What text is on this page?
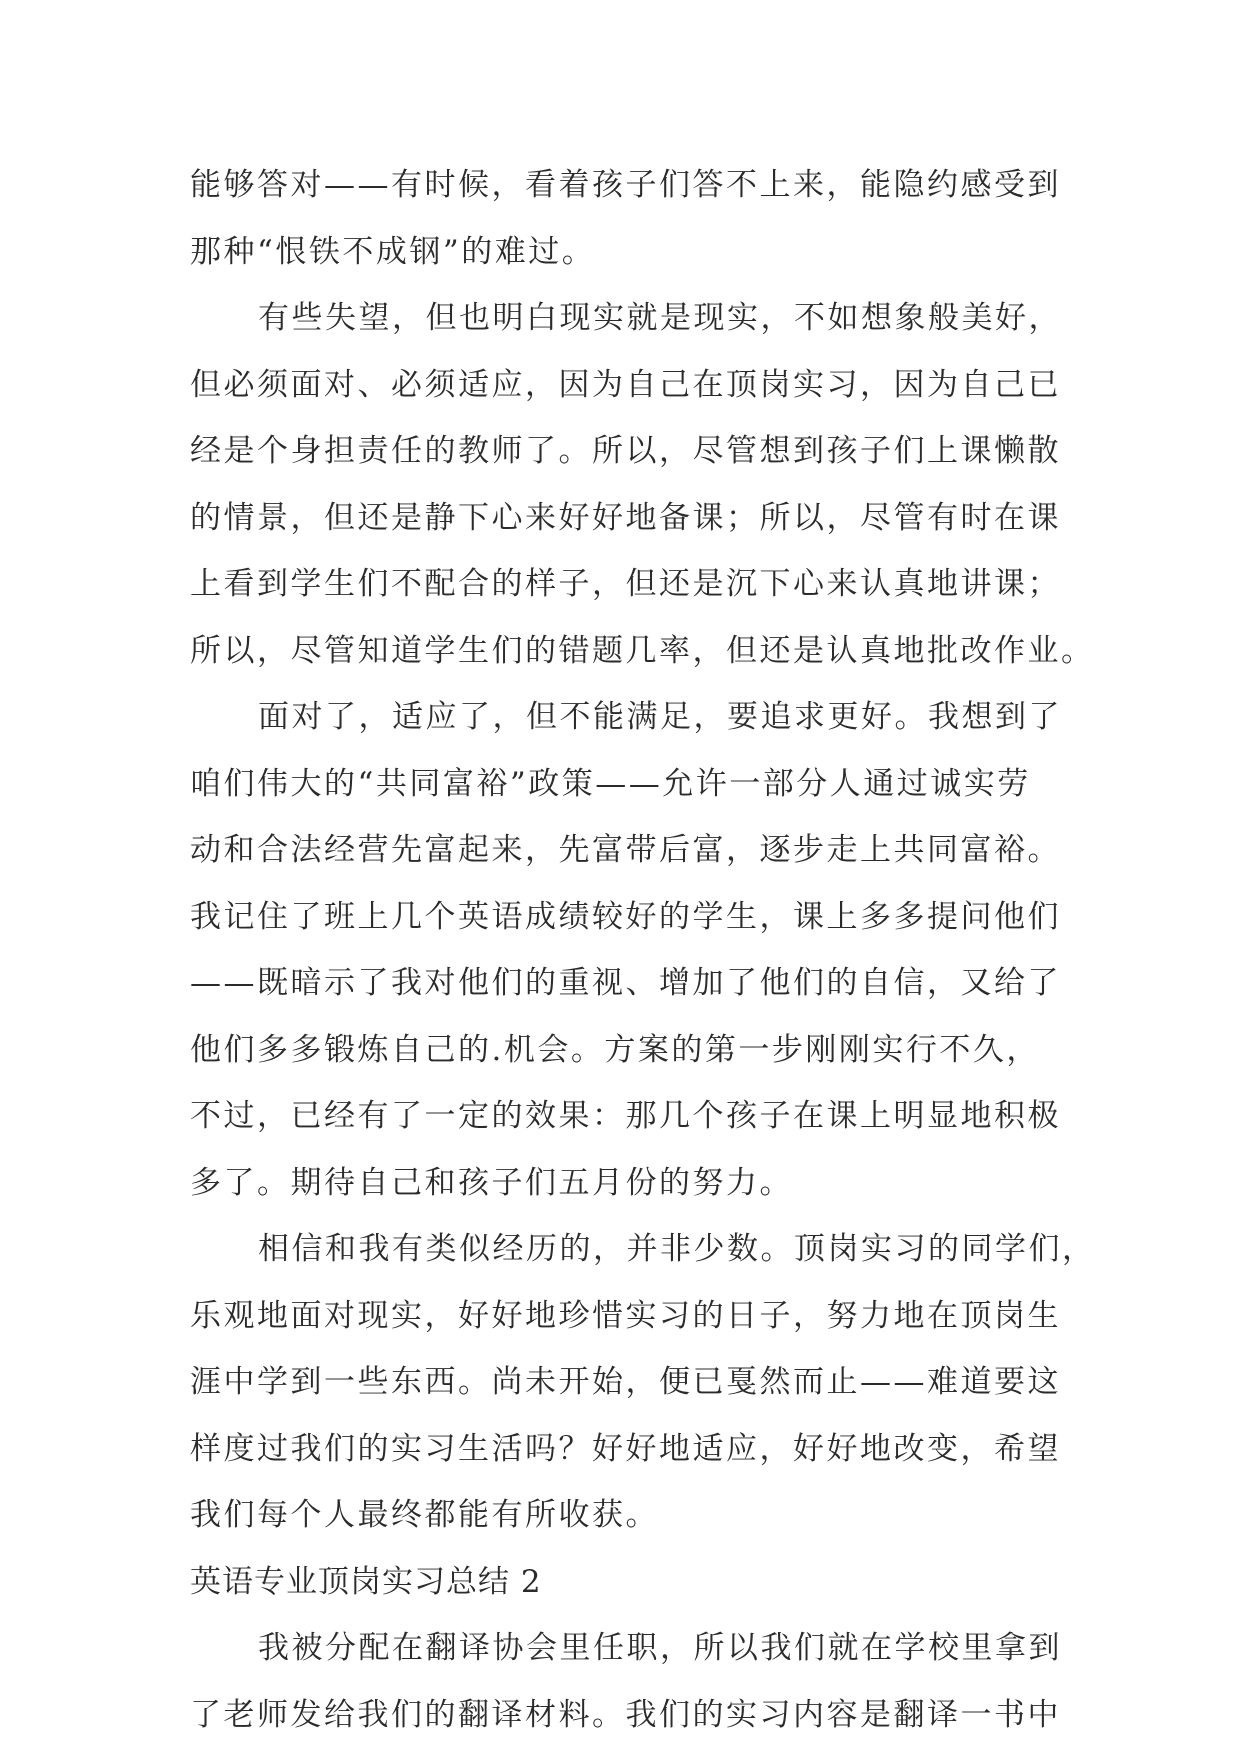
能够答对——有时候，看着孩子们答不上来，能隐约感受到
那种“恨铁不成钢”的难过。
有些失望，但也明白现实就是现实，不如想象般美好，
但必须面对、必须适应，因为自己在顶岗实习，因为自己已
经是个身担责任的教师了。所以，尽管想到孩子们上课懒散
的情景，但还是静下心来好好地备课；所以，尽管有时在课
上看到学生们不配合的样子，但还是沉下心来认真地讲课；
所以，尽管知道学生们的错题几率，但还是认真地批改作业。
面对了，适应了，但不能满足，要追求更好。我想到了
咱们伟大的“共同富裕”政策——允许一部分人通过诚实劳
动和合法经营先富起来，先富带后富，逐步走上共同富裕。
我记住了班上几个英语成绩较好的学生，课上多多提问他们
——既暗示了我对他们的重视、增加了他们的自信，又给了
他们多多锻炼自己的.机会。方案的第一步刚刚实行不久，
不过，已经有了一定的效果：那几个孩子在课上明显地积极
多了。期待自己和孩子们五月份的努力。
相信和我有类似经历的，并非少数。顶岗实习的同学们，
乐观地面对现实，好好地珍惜实习的日子，努力地在顶岗生
涯中学到一些东西。尚未开始，便已戛然而止——难道要这
样度过我们的实习生活吗？好好地适应，好好地改变，希望
我们每个人最终都能有所收获。
英语专业顶岗实习总结 2
我被分配在翻译协会里任职，所以我们就在学校里拿到
了老师发给我们的翻译材料。我们的实习内容是翻译一书中
